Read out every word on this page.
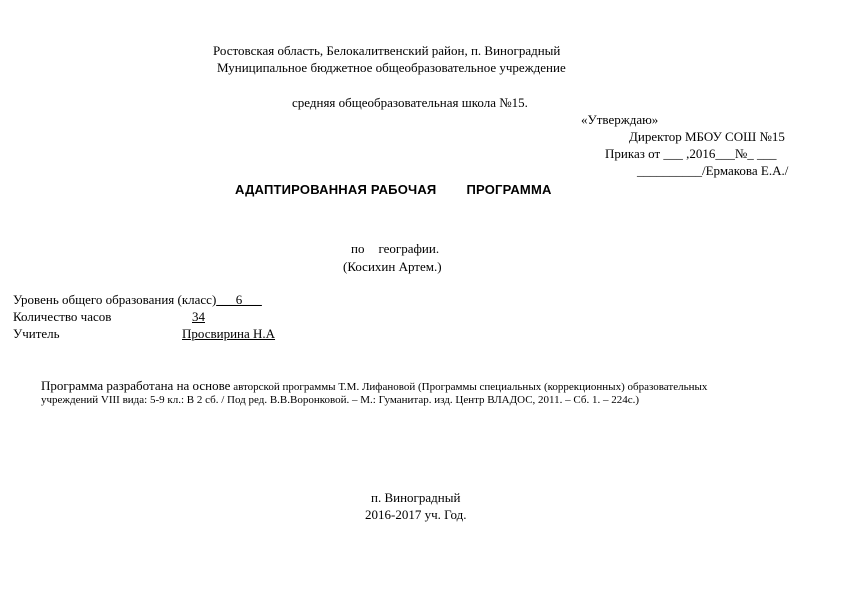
Ростовская область, Белокалитвенский район, п. Виноградный
Муниципальное бюджетное общеобразовательное учреждение
средняя общеобразовательная школа №15.
«Утверждаю»
Директор МБОУ СОШ №15
Приказ от ___ ,2016___№_ ___
__________/Ермакова Е.А./
АДАПТИРОВАННАЯ РАБОЧАЯ ПРОГРАММА
по географии.
(Косихин Артем.)
Уровень общего образования (класс)___6___
Количество часов	34
Учитель	Просвирина Н.А
Программа разработана на основе авторской программы Т.М. Лифановой (Программы специальных (коррекционных) образовательных
учреждений VIII вида: 5-9 кл.: В 2 сб. / Под ред. В.В.Воронковой. – М.: Гуманитар. изд. Центр ВЛАДОС, 2011. – Сб. 1. – 224с.)
п. Виноградный
2016-2017 уч. Год.
